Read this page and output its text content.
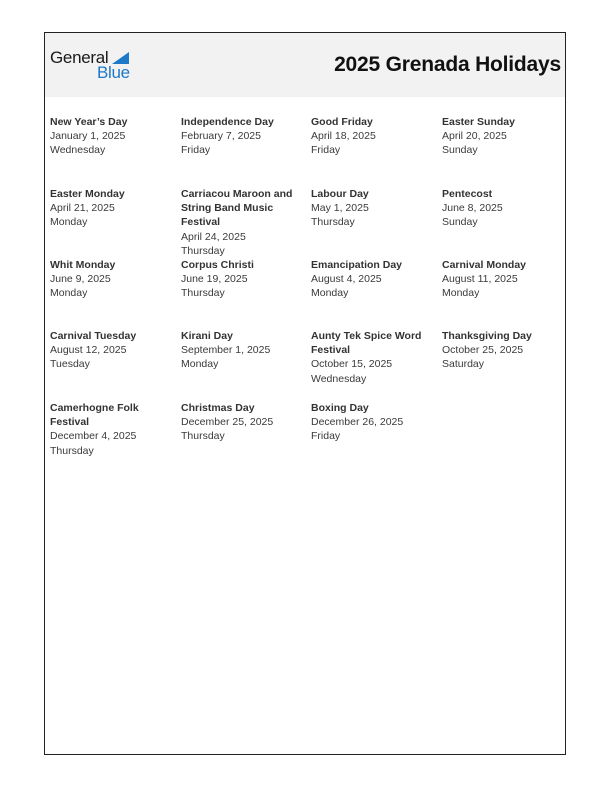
General
Blue	2025 Grenada Holidays
New Year’s Day
January 1, 2025
Wednesday
Independence Day
February 7, 2025
Friday
Good Friday
April 18, 2025
Friday
Easter Sunday
April 20, 2025
Sunday
Easter Monday
April 21, 2025
Monday
Carriacou Maroon and String Band Music Festival
April 24, 2025
Thursday
Labour Day
May 1, 2025
Thursday
Pentecost
June 8, 2025
Sunday
Whit Monday
June 9, 2025
Monday
Corpus Christi
June 19, 2025
Thursday
Emancipation Day
August 4, 2025
Monday
Carnival Monday
August 11, 2025
Monday
Carnival Tuesday
August 12, 2025
Tuesday
Kirani Day
September 1, 2025
Monday
Aunty Tek Spice Word Festival
October 15, 2025
Wednesday
Thanksgiving Day
October 25, 2025
Saturday
Camerhogne Folk Festival
December 4, 2025
Thursday
Christmas Day
December 25, 2025
Thursday
Boxing Day
December 26, 2025
Friday
